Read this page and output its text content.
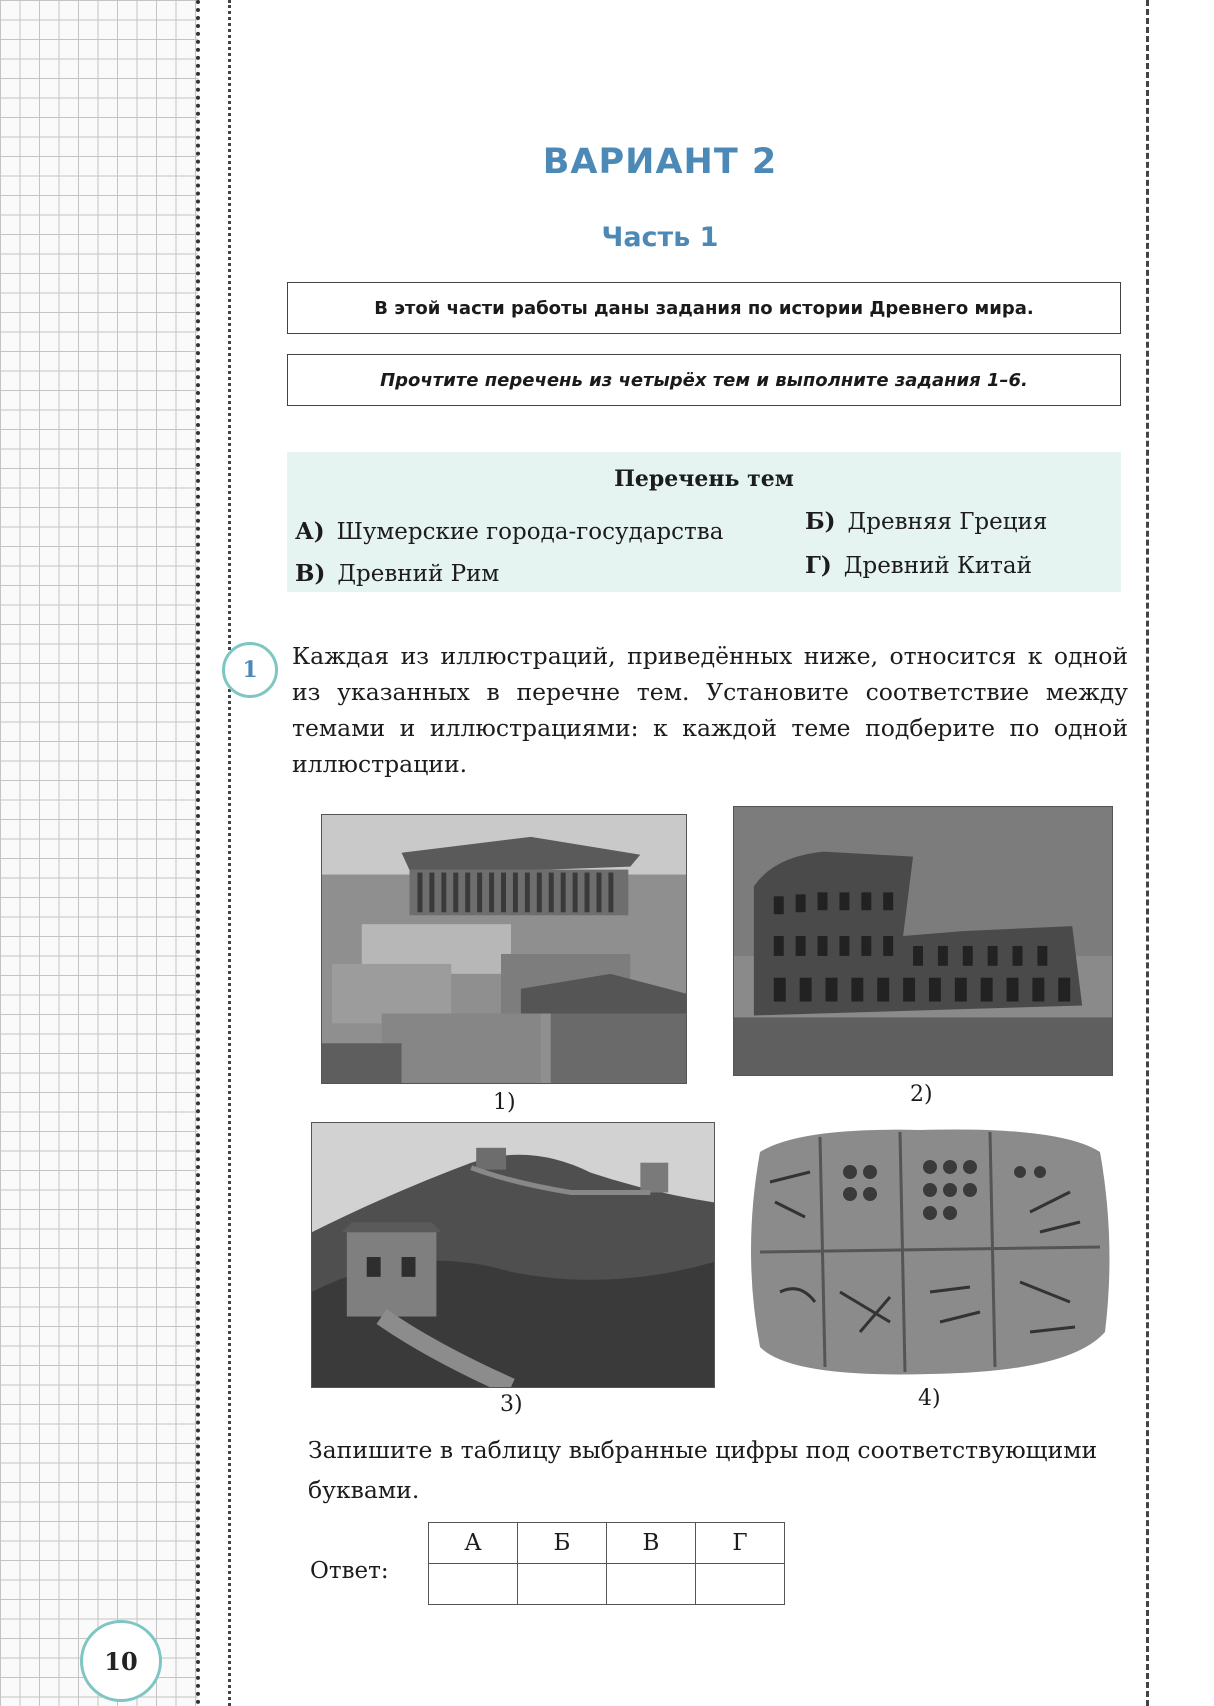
ВАРИАНТ 2
Часть 1
В этой части работы даны задания по истории Древнего мира.
Прочтите перечень из четырёх тем и выполните задания 1–6.
Перечень тем
А) Шумерские города-государства	Б) Древняя Греция
В) Древний Рим	Г) Древний Китай
1	Каждая из иллюстраций, приведённых ниже, относится к одной из указанных в перечне тем. Установите соответствие между темами и иллюстрациями: к каждой теме подберите по одной иллюстрации.
1)	2)
3)	4)
Запишите в таблицу выбранные цифры под соответствующими буквами.
Ответ:
А	Б	В	Г

10
